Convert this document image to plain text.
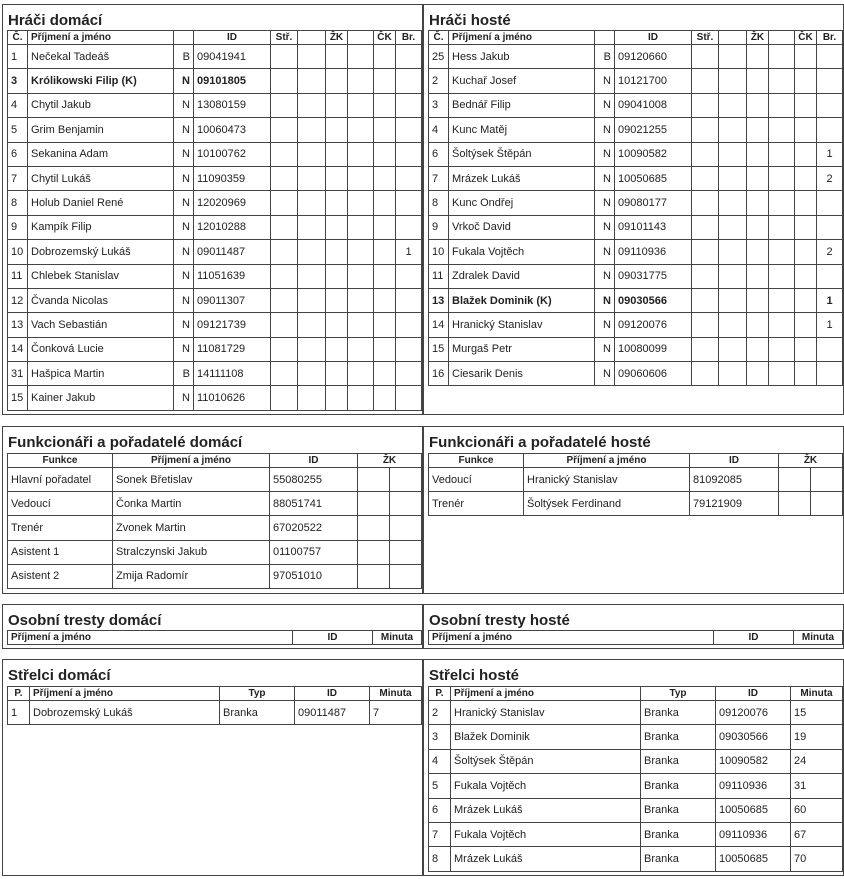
Hráči domácí
Č.	Příjmení a jméno		ID	Stř.		ŽK		ČK	Br.
1	Nečekal Tadeáš	B	09041941						
3	Królikowski Filip (K)	N	09101805						
4	Chytil Jakub	N	13080159						
5	Grim Benjamin	N	10060473						
6	Sekanina Adam	N	10100762						
7	Chytil Lukáš	N	11090359						
8	Holub Daniel René	N	12020969						
9	Kampík Filip	N	12010288						
10	Dobrozemský Lukáš	N	09011487						1
11	Chlebek Stanislav	N	11051639						
12	Čvanda Nicolas	N	09011307						
13	Vach Sebastián	N	09121739						
14	Čonková Lucie	N	11081729						
31	Hašpica Martin	B	14111108						
15	Kainer Jakub	N	11010626						
Hráči hosté
Č.	Příjmení a jméno		ID	Stř.		ŽK		ČK	Br.
25	Hess Jakub	B	09120660						
2	Kuchař Josef	N	10121700						
3	Bednář Filip	N	09041008						
4	Kunc Matěj	N	09021255						
6	Šoltýsek Štěpán	N	10090582						1
7	Mrázek Lukáš	N	10050685						2
8	Kunc Ondřej	N	09080177						
9	Vrkoč David	N	09101143						
10	Fukala Vojtěch	N	09110936						2
11	Zdralek David	N	09031775						
13	Blažek Dominik (K)	N	09030566						1
14	Hranický Stanislav	N	09120076						1
15	Murgaš Petr	N	10080099						
16	Ciesarik Denis	N	09060606						
Funkcionáři a pořadatelé domácí
Funkce	Příjmení a jméno	ID	ŽK	
Hlavní pořadatel	Sonek Břetislav	55080255		
Vedoucí	Čonka Martin	88051741		
Trenér	Zvonek Martin	67020522		
Asistent 1	Stralczynski Jakub	01100757		
Asistent 2	Zmija Radomír	97051010		
Funkcionáři a pořadatelé hosté
Funkce	Příjmení a jméno	ID	ŽK	
Vedoucí	Hranický Stanislav	81092085		
Trenér	Šoltýsek Ferdinand	79121909		
Osobní tresty domácí
Příjmení a jméno	ID	Minuta
Osobní tresty hosté
Příjmení a jméno	ID	Minuta
Střelci domácí
P.	Příjmení a jméno	Typ	ID	Minuta
1	Dobrozemský Lukáš	Branka	09011487	7
Střelci hosté
P.	Příjmení a jméno	Typ	ID	Minuta
2	Hranický Stanislav	Branka	09120076	15
3	Blažek Dominik	Branka	09030566	19
4	Šoltýsek Štěpán	Branka	10090582	24
5	Fukala Vojtěch	Branka	09110936	31
6	Mrázek Lukáš	Branka	10050685	60
7	Fukala Vojtěch	Branka	09110936	67
8	Mrázek Lukáš	Branka	10050685	70
